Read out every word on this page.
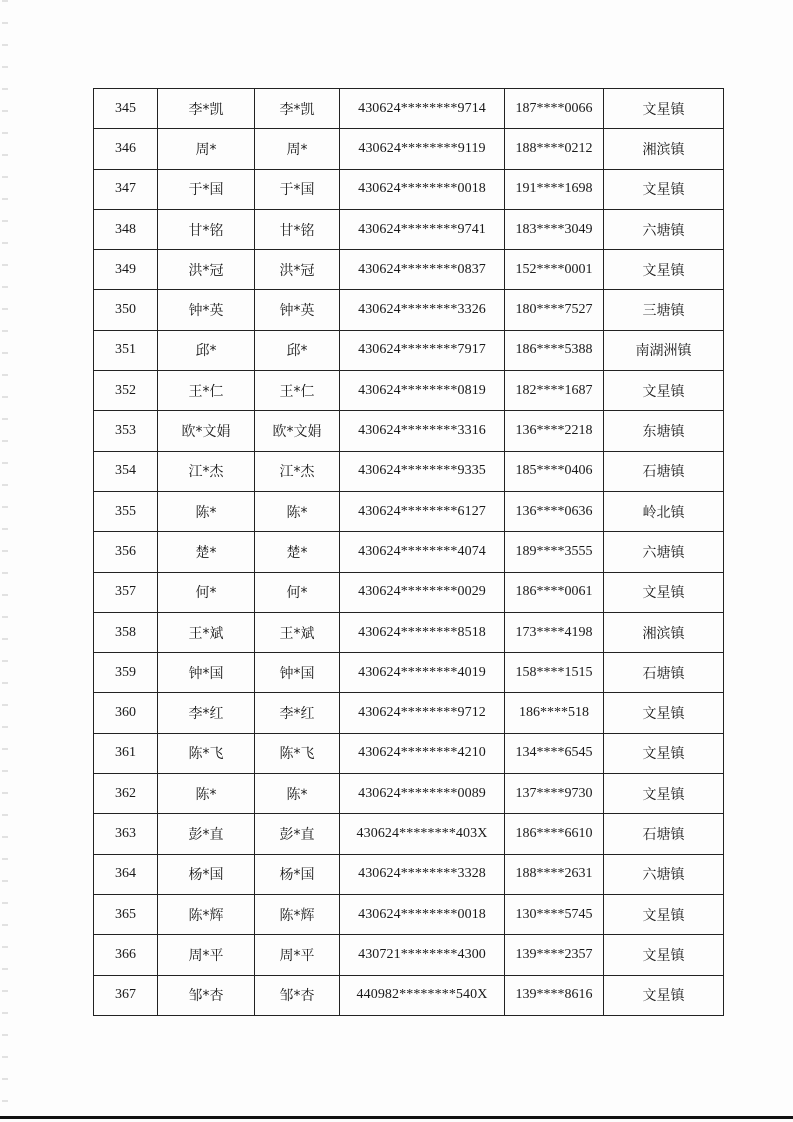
345	李*凯	李*凯	430624********9714	187****0066	文星镇
346	周*	周*	430624********9119	188****0212	湘滨镇
347	于*国	于*国	430624********0018	191****1698	文星镇
348	甘*铭	甘*铭	430624********9741	183****3049	六塘镇
349	洪*冠	洪*冠	430624********0837	152****0001	文星镇
350	钟*英	钟*英	430624********3326	180****7527	三塘镇
351	邱*	邱*	430624********7917	186****5388	南湖洲镇
352	王*仁	王*仁	430624********0819	182****1687	文星镇
353	欧*文娟	欧*文娟	430624********3316	136****2218	东塘镇
354	江*杰	江*杰	430624********9335	185****0406	石塘镇
355	陈*	陈*	430624********6127	136****0636	岭北镇
356	楚*	楚*	430624********4074	189****3555	六塘镇
357	何*	何*	430624********0029	186****0061	文星镇
358	王*斌	王*斌	430624********8518	173****4198	湘滨镇
359	钟*国	钟*国	430624********4019	158****1515	石塘镇
360	李*红	李*红	430624********9712	186****518	文星镇
361	陈*飞	陈*飞	430624********4210	134****6545	文星镇
362	陈*	陈*	430624********0089	137****9730	文星镇
363	彭*直	彭*直	430624********403X	186****6610	石塘镇
364	杨*国	杨*国	430624********3328	188****2631	六塘镇
365	陈*辉	陈*辉	430624********0018	130****5745	文星镇
366	周*平	周*平	430721********4300	139****2357	文星镇
367	邹*杏	邹*杏	440982********540X	139****8616	文星镇
